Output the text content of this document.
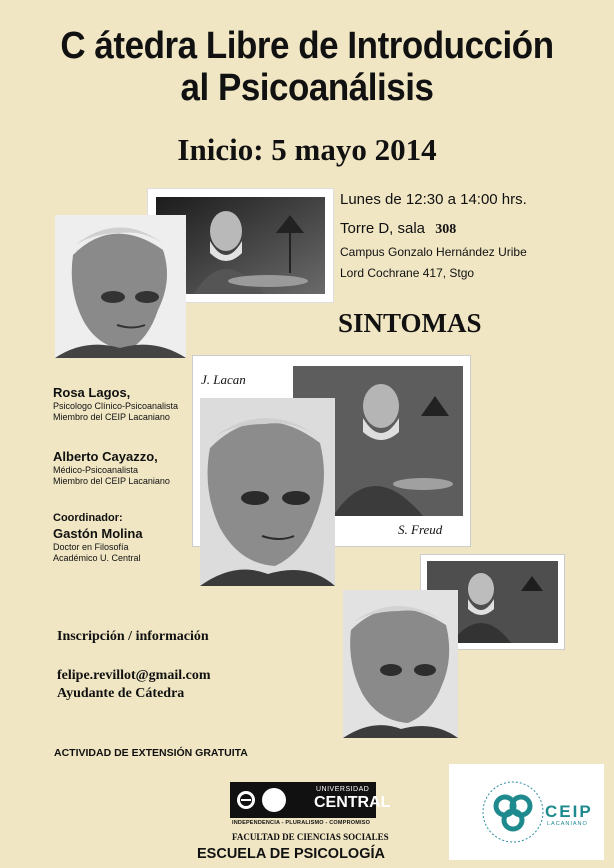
C átedra Libre de Introducción
al Psicoanálisis
Inicio: 5 mayo 2014
Lunes de 12:30 a 14:00 hrs.
Torre D, sala 308
Campus Gonzalo Hernández Uribe
Lord Cochrane 417, Stgo
SINTOMAS
Rosa Lagos,
Psicologo Clínico-Psicoanalista
Miembro del CEIP Lacaniano
Alberto Cayazzo,
Médico-Psicoanalista
Miembro del CEIP Lacaniano
Coordinador:
Gastón Molina
Doctor en Filosofía
Académico U. Central
J. Lacan
S. Freud
Inscripción / información
felipe.revillot@gmail.com
Ayudante de Cátedra
ACTIVIDAD DE EXTENSIÓN GRATUITA
UNIVERSIDAD
CENTRAL
INDEPENDENCIA - PLURALISMO - COMPROMISO
FACULTAD DE CIENCIAS SOCIALES
ESCUELA DE PSICOLOGÍA
CEIP
LACANIANO
